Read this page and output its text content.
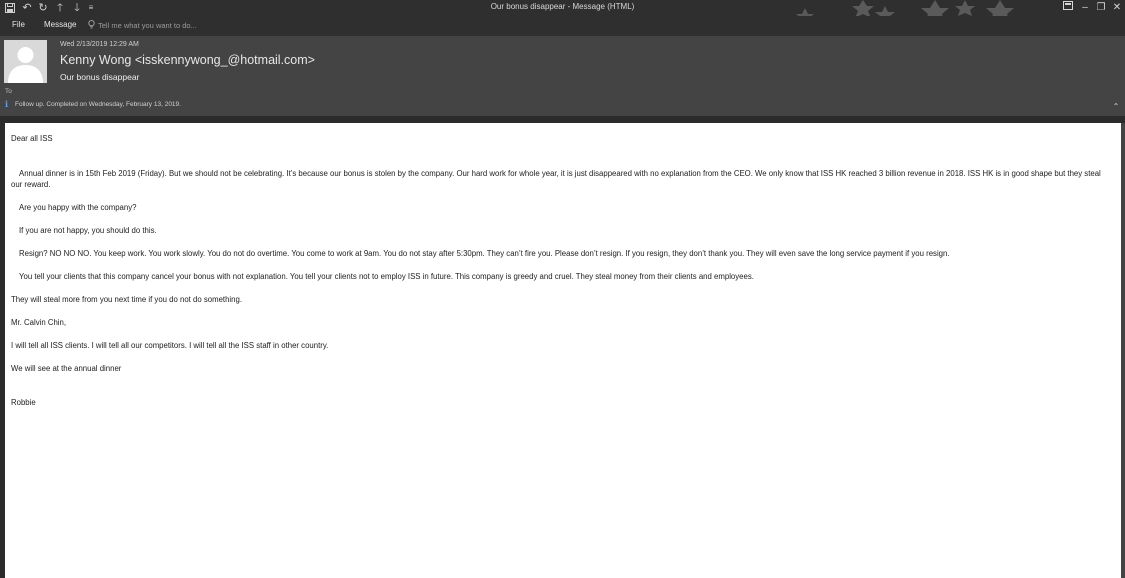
↶ ↻ 🡑	🡓	≡	Our bonus disappear - Message (HTML)	– ❐ ✕
File Message	Tell me what you want to do...
Wed 2/13/2019 12:29 AM
Kenny Wong <isskennywong_@hotmail.com>
Our bonus disappear
To
i	Follow up. Completed on Wednesday, February 13, 2019.	⌃
Dear all ISS
Annual dinner is in 15th Feb 2019 (Friday). But we should not be celebrating. It’s because our bonus is stolen by the company. Our hard work for whole year, it is just disappeared with no explanation from the CEO. We only know that ISS HK reached 3 billion revenue in 2018. ISS HK is in good shape but they steal our reward.
Are you happy with the company?
If you are not happy, you should do this.
Resign? NO NO NO. You keep work. You work slowly. You do not do overtime. You come to work at 9am. You do not stay after 5:30pm. They can’t fire you. Please don’t resign. If you resign, they don’t thank you. They will even save the long service payment if you resign.
You tell your clients that this company cancel your bonus with not explanation. You tell your clients not to employ ISS in future. This company is greedy and cruel. They steal money from their clients and employees.
They will steal more from you next time if you do not do something.
Mr. Calvin Chin,
I will tell all ISS clients. I will tell all our competitors. I will tell all the ISS staff in other country.
We will see at the annual dinner
Robbie
